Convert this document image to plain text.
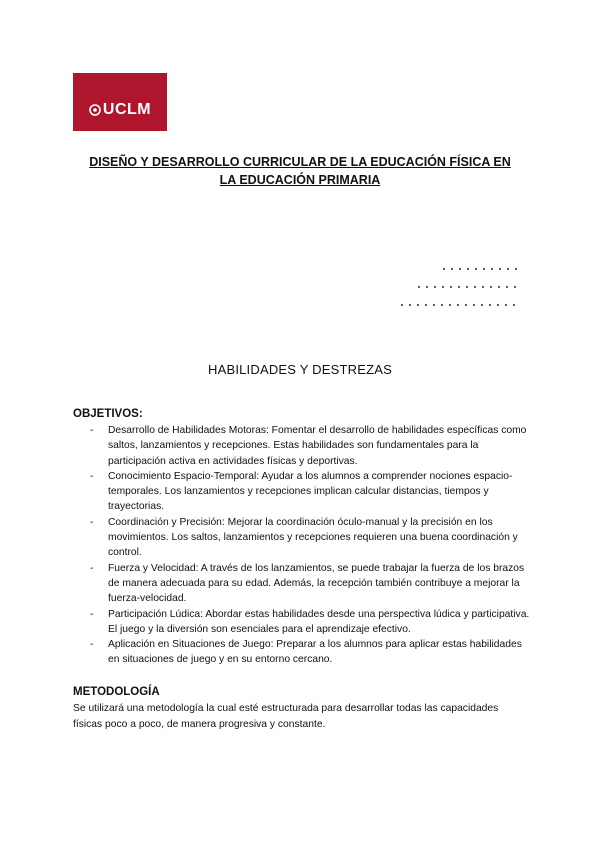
UCLM
DISEÑO Y DESARROLLO CURRICULAR DE LA EDUCACIÓN FÍSICA EN
LA EDUCACIÓN PRIMARIA
HABILIDADES Y DESTREZAS
OBJETIVOS:
- Desarrollo de Habilidades Motoras: Fomentar el desarrollo de habilidades específicas como saltos, lanzamientos y recepciones. Estas habilidades son fundamentales para la participación activa en actividades físicas y deportivas.
- Conocimiento Espacio-Temporal: Ayudar a los alumnos a comprender nociones espacio-temporales. Los lanzamientos y recepciones implican calcular distancias, tiempos y trayectorias.
- Coordinación y Precisión: Mejorar la coordinación óculo-manual y la precisión en los movimientos. Los saltos, lanzamientos y recepciones requieren una buena coordinación y control.
- Fuerza y Velocidad: A través de los lanzamientos, se puede trabajar la fuerza de los brazos de manera adecuada para su edad. Además, la recepción también contribuye a mejorar la fuerza-velocidad.
- Participación Lúdica: Abordar estas habilidades desde una perspectiva lúdica y participativa. El juego y la diversión son esenciales para el aprendizaje efectivo.
- Aplicación en Situaciones de Juego: Preparar a los alumnos para aplicar estas habilidades en situaciones de juego y en su entorno cercano.
METODOLOGÍA
Se utilizará una metodología la cual esté estructurada para desarrollar todas las capacidades físicas poco a poco, de manera progresiva y constante.
